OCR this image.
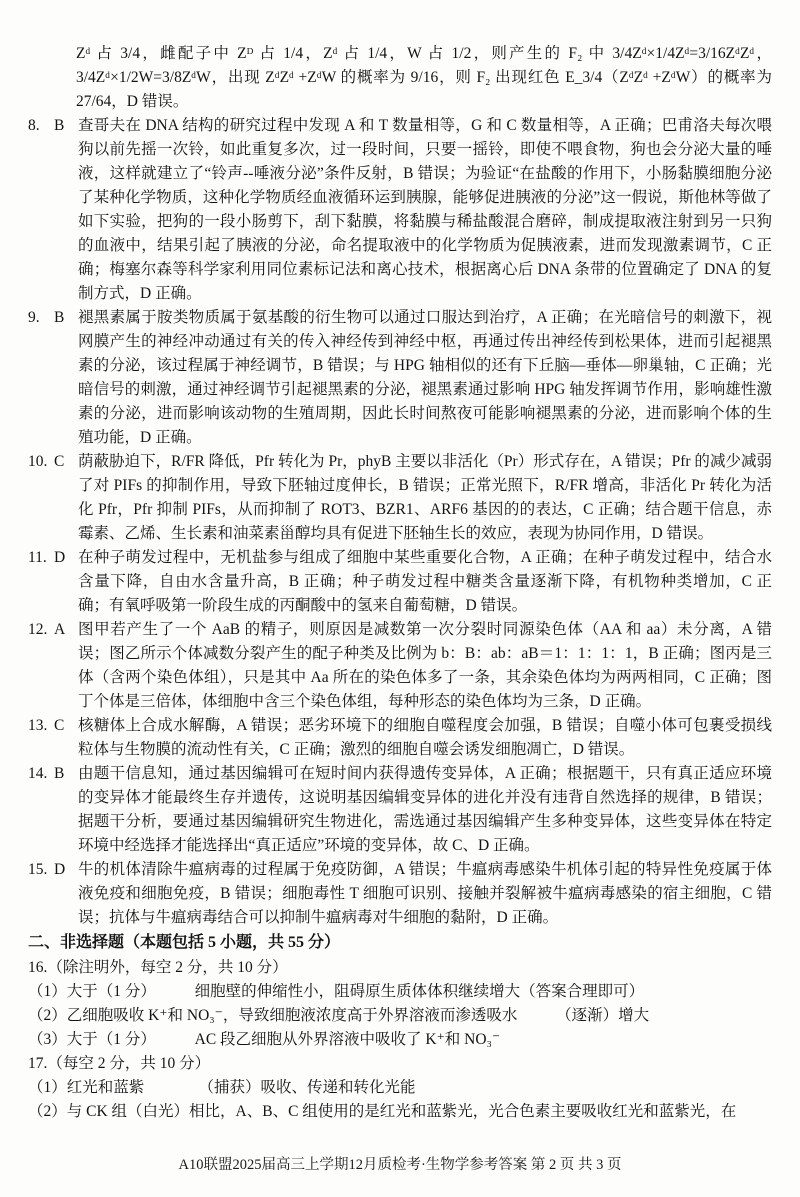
Zᵈ 占 3/4，雌配子中 Zᴰ 占 1/4，Zᵈ 占 1/4，W 占 1/2，则产生的 F₂ 中 3/4Zᵈ×1/4Zᵈ=3/16ZᵈZᵈ，3/4Zᵈ×1/2W=3/8ZᵈW，出现 ZᵈZᵈ +ZᵈW 的概率为 9/16，则 F₂ 出现红色 E_3/4（ZᵈZᵈ +ZᵈW）的概率为 27/64，D 错误。

8. B 查哥夫在 DNA 结构的研究过程中发现 A 和 T 数量相等，G 和 C 数量相等，A 正确；巴甫洛夫每次喂狗以前先摇一次铃，如此重复多次，过一段时间，只要一摇铃，即使不喂食物，狗也会分泌大量的唾液，这样就建立了“铃声--唾液分泌”条件反射，B 错误；为验证“在盐酸的作用下，小肠黏膜细胞分泌了某种化学物质，这种化学物质经血液循环运到胰腺，能够促进胰液的分泌”这一假说，斯他林等做了如下实验，把狗的一段小肠剪下，刮下黏膜，将黏膜与稀盐酸混合磨碎，制成提取液注射到另一只狗的血液中，结果引起了胰液的分泌，命名提取液中的化学物质为促胰液素，进而发现激素调节，C 正确；梅塞尔森等科学家利用同位素标记法和离心技术，根据离心后 DNA 条带的位置确定了 DNA 的复制方式，D 正确。

9. B 褪黑素属于胺类物质属于氨基酸的衍生物可以通过口服达到治疗，A 正确；在光暗信号的刺激下，视网膜产生的神经冲动通过有关的传入神经传到神经中枢，再通过传出神经传到松果体，进而引起褪黑素的分泌，该过程属于神经调节，B 错误；与 HPG 轴相似的还有下丘脑—垂体—卵巢轴，C 正确；光暗信号的刺激，通过神经调节引起褪黑素的分泌，褪黑素通过影响 HPG 轴发挥调节作用，影响雄性激素的分泌，进而影响该动物的生殖周期，因此长时间熬夜可能影响褪黑素的分泌，进而影响个体的生殖功能，D 正确。

10. C 荫蔽胁迫下，R/FR 降低，Pfr 转化为 Pr，phyB 主要以非活化（Pr）形式存在，A 错误；Pfr 的减少减弱了对 PIFs 的抑制作用，导致下胚轴过度伸长，B 错误；正常光照下，R/FR 增高，非活化 Pr 转化为活化 Pfr，Pfr 抑制 PIFs，从而抑制了 ROT3、BZR1、ARF6 基因的的表达，C 正确；结合题干信息，赤霉素、乙烯、生长素和油菜素甾醇均具有促进下胚轴生长的效应，表现为协同作用，D 错误。

11. D 在种子萌发过程中，无机盐参与组成了细胞中某些重要化合物，A 正确；在种子萌发过程中，结合水含量下降，自由水含量升高，B 正确；种子萌发过程中糖类含量逐渐下降，有机物种类增加，C 正确；有氧呼吸第一阶段生成的丙酮酸中的氢来自葡萄糖，D 错误。

12. A 图甲若产生了一个 AaB 的精子，则原因是减数第一次分裂时同源染色体（AA 和 aa）未分离，A 错误；图乙所示个体减数分裂产生的配子种类及比例为 b：B：ab：aB＝1：1：1：1，B 正确；图丙是三体（含两个染色体组），只是其中 Aa 所在的染色体多了一条，其余染色体均为两两相同，C 正确；图丁个体是三倍体，体细胞中含三个染色体组，每种形态的染色体均为三条，D 正确。

13. C 核糖体上合成水解酶，A 错误；恶劣环境下的细胞自噬程度会加强，B 错误；自噬小体可包裹受损线粒体与生物膜的流动性有关，C 正确；激烈的细胞自噬会诱发细胞凋亡，D 错误。

14. B 由题干信息知，通过基因编辑可在短时间内获得遗传变异体，A 正确；根据题干，只有真正适应环境的变异体才能最终生存并遗传，这说明基因编辑变异体的进化并没有违背自然选择的规律，B 错误；据题干分析，要通过基因编辑研究生物进化，需选通过基因编辑产生多种变异体，这些变异体在特定环境中经选择才能选择出“真正适应”环境的变异体，故 C、D 正确。

15. D 牛的机体清除牛瘟病毒的过程属于免疫防御，A 错误；牛瘟病毒感染牛机体引起的特异性免疫属于体液免疫和细胞免疫，B 错误；细胞毒性 T 细胞可识别、接触并裂解被牛瘟病毒感染的宿主细胞，C 错误；抗体与牛瘟病毒结合可以抑制牛瘟病毒对牛细胞的黏附，D 正确。

二、非选择题（本题包括 5 小题，共 55 分）

16.（除注明外，每空 2 分，共 10 分）

（1）大于（1 分）　　　细胞壁的伸缩性小，阻碍原生质体体积继续增大（答案合理即可）

（2）乙细胞吸收 K⁺和 NO₃⁻，导致细胞液浓度高于外界溶液而渗透吸水　　　（逐渐）增大

（3）大于（1 分）　　　AC 段乙细胞从外界溶液中吸收了 K⁺和 NO₃⁻

17.（每空 2 分，共 10 分）

（1）红光和蓝紫　　　　（捕获）吸收、传递和转化光能

（2）与 CK 组（白光）相比，A、B、C 组使用的是红光和蓝紫光，光合色素主要吸收红光和蓝紫光，在

A10联盟2025届高三上学期12月质检考·生物学参考答案 第 2 页 共 3 页
